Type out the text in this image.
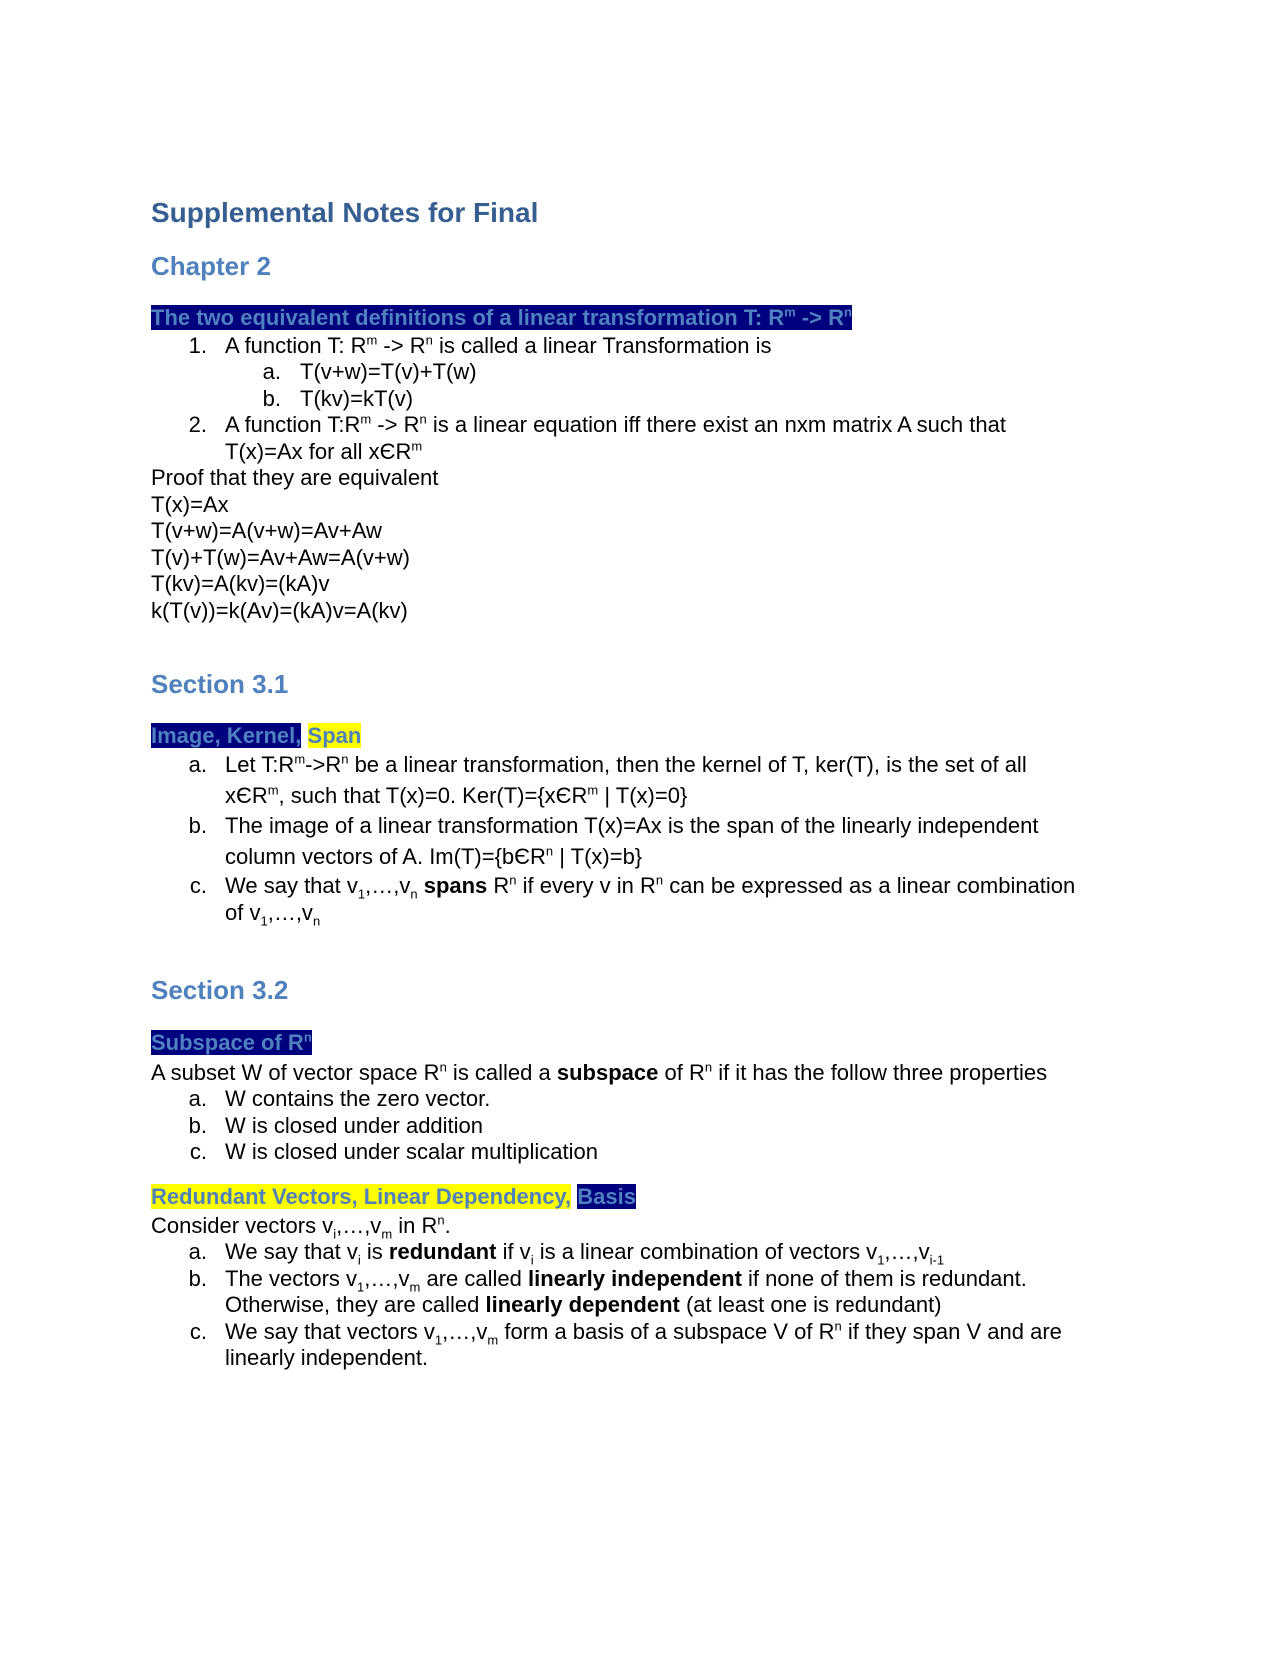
Supplemental Notes for Final
Chapter 2

The two equivalent definitions of a linear transformation T: $R^m -> R^n$

1. A function T: $R^m -> R^n$ is called a linear Transformation is
a. T(v+w)=T(v)+T(w)
b. T(kv)=kT(v)
2. A function $T:R^m -> R^n$ is a linear equation iff there exist an nxm matrix A such that
T(x)=Ax for all xЄR$^m$

Proof that they are equivalent

T(x)=Ax

T(v+w)=A(v+w)=Av+Aw

T(v)+T(w)=Av+Aw=A(v+w)

T(kv)=A(kv)=(kA)v

k(T(v))=k(Av)=(kA)v=A(kv)

Section 3.1

Image, Kernel, Span

a. Let $T:R^m->R^n$ be a linear transformation, then the kernel of T, ker(T), is the set of all
xЄR$^m$, such that T(x)=0. Ker(T)={xЄR$^m$ | T(x)=0}
b. The image of a linear transformation T(x)=Ax is the span of the linearly independent
column vectors of A. Im(T)={bЄR$^n$ | T(x)=b}
c. We say that $v_1,\dots,v_n$ spans $R^n$ if every v in $R^n$ can be expressed as a linear combination
of $v_1,\dots,v_n$
Section 3.2

Subspace of $R^n$

A subset W of vector space $R^n$ is called a subspace of $R^n$ if it has the follow three properties

a. W contains the zero vector.
b. W is closed under addition
c. W is closed under scalar multiplication

Redundant Vectors, Linear Dependency, Basis

Consider vectors $v_i,\dots,v_m$ in $R^n$.

a. We say that $v_i$ is redundant if $v_i$ is a linear combination of vectors $v_1,\dots,v_{i-1}$
b. The vectors $v_1,\dots,v_m$ are called linearly independent if none of them is redundant.
Otherwise, they are called linearly dependent (at least one is redundant)
c. We say that vectors $v_1,\dots,v_m$ form a basis of a subspace V of $R^n$ if they span V and are
linearly independent.
